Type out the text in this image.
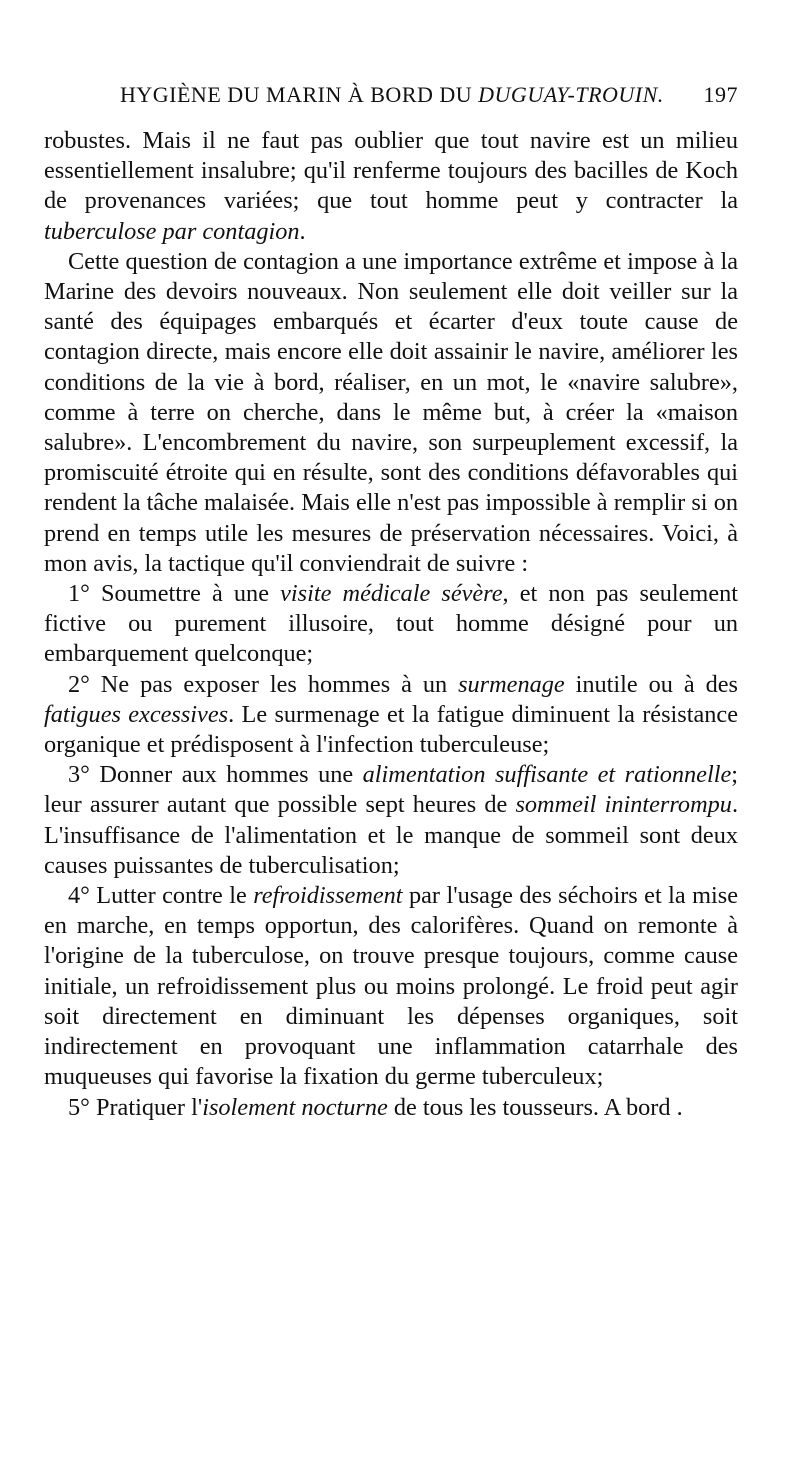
HYGIÈNE DU MARIN À BORD DU DUGUAY-TROUIN. 197

robustes. Mais il ne faut pas oublier que tout navire est un milieu essentiellement insalubre; qu'il renferme toujours des bacilles de Koch de provenances variées; que tout homme peut y contracter la tuberculose par contagion.

Cette question de contagion a une importance extrême et impose à la Marine des devoirs nouveaux. Non seulement elle doit veiller sur la santé des équipages embarqués et écarter d'eux toute cause de contagion directe, mais encore elle doit assainir le navire, améliorer les conditions de la vie à bord, réaliser, en un mot, le «navire salubre», comme à terre on cherche, dans le même but, à créer la «maison salubre». L'encombrement du navire, son surpeuplement excessif, la promiscuité étroite qui en résulte, sont des conditions défavorables qui rendent la tâche malaisée. Mais elle n'est pas impossible à remplir si on prend en temps utile les mesures de préservation nécessaires. Voici, à mon avis, la tactique qu'il conviendrait de suivre :

1° Soumettre à une visite médicale sévère, et non pas seulement fictive ou purement illusoire, tout homme désigné pour un embarquement quelconque;

2° Ne pas exposer les hommes à un surmenage inutile ou à des fatigues excessives. Le surmenage et la fatigue diminuent la résistance organique et prédisposent à l'infection tuberculeuse;

3° Donner aux hommes une alimentation suffisante et rationnelle; leur assurer autant que possible sept heures de sommeil ininterrompu. L'insuffisance de l'alimentation et le manque de sommeil sont deux causes puissantes de tuberculisation;

4° Lutter contre le refroidissement par l'usage des séchoirs et la mise en marche, en temps opportun, des calorifères. Quand on remonte à l'origine de la tuberculose, on trouve presque toujours, comme cause initiale, un refroidissement plus ou moins prolongé. Le froid peut agir soit directement en diminuant les dépenses organiques, soit indirectement en provoquant une inflammation catarrhale des muqueuses qui favorise la fixation du germe tuberculeux;

5° Pratiquer l'isolement nocturne de tous les tousseurs. A bord .
